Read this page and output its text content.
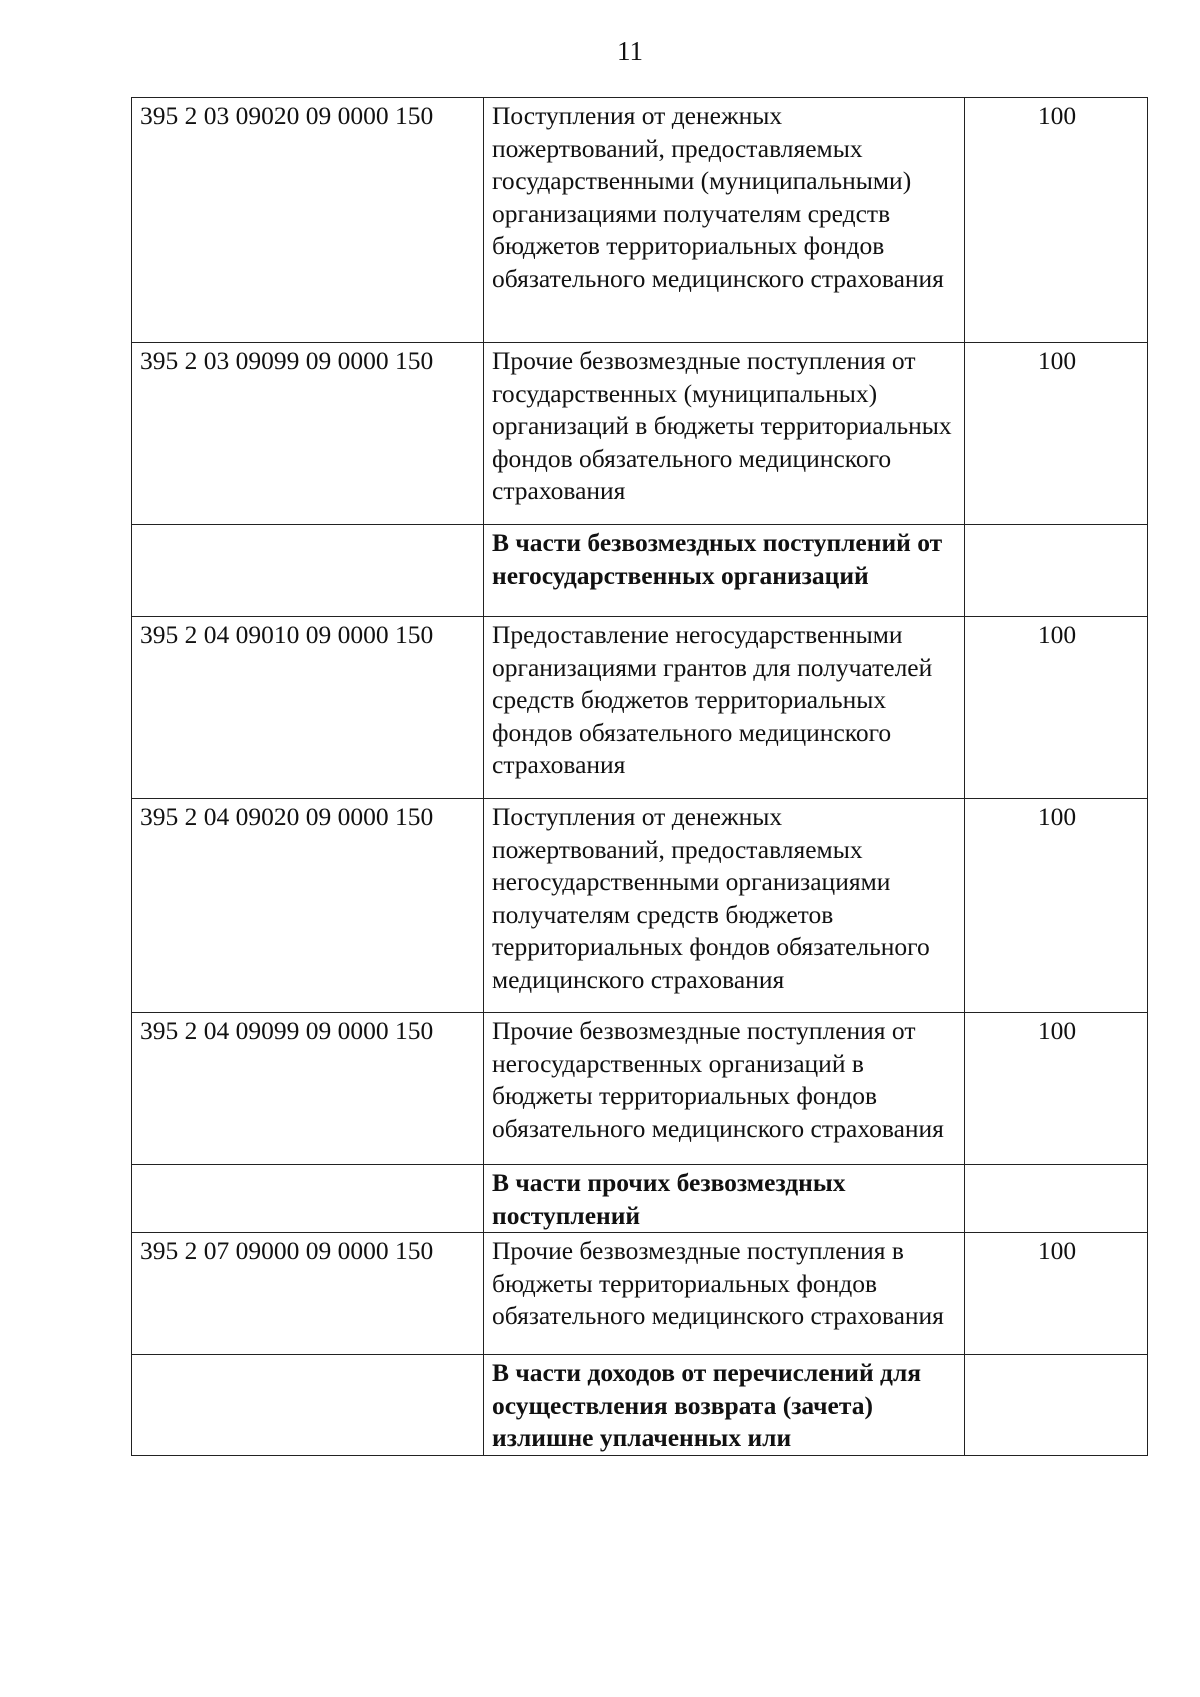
11
395 2 03 09020 09 0000 150	Поступления от денежных пожертвований, предоставляемых государственными (муниципальными) организациями получателям средств бюджетов территориальных фондов обязательного медицинского страхования	100
395 2 03 09099 09 0000 150	Прочие безвозмездные поступления от государственных (муниципальных) организаций в бюджеты территориальных фондов обязательного медицинского страхования	100
	В части безвозмездных поступлений от негосударственных организаций	
395 2 04 09010 09 0000 150	Предоставление негосударственными организациями грантов для получателей средств бюджетов территориальных фондов обязательного медицинского страхования	100
395 2 04 09020 09 0000 150	Поступления от денежных пожертвований, предоставляемых негосударственными организациями получателям средств бюджетов территориальных фондов обязательного медицинского страхования	100
395 2 04 09099 09 0000 150	Прочие безвозмездные поступления от негосударственных организаций в бюджеты территориальных фондов обязательного медицинского страхования	100
	В части прочих безвозмездных поступлений	
395 2 07 09000 09 0000 150	Прочие безвозмездные поступления в бюджеты территориальных фондов обязательного медицинского страхования	100
	В части доходов от перечислений для осуществления возврата (зачета) излишне уплаченных или	
